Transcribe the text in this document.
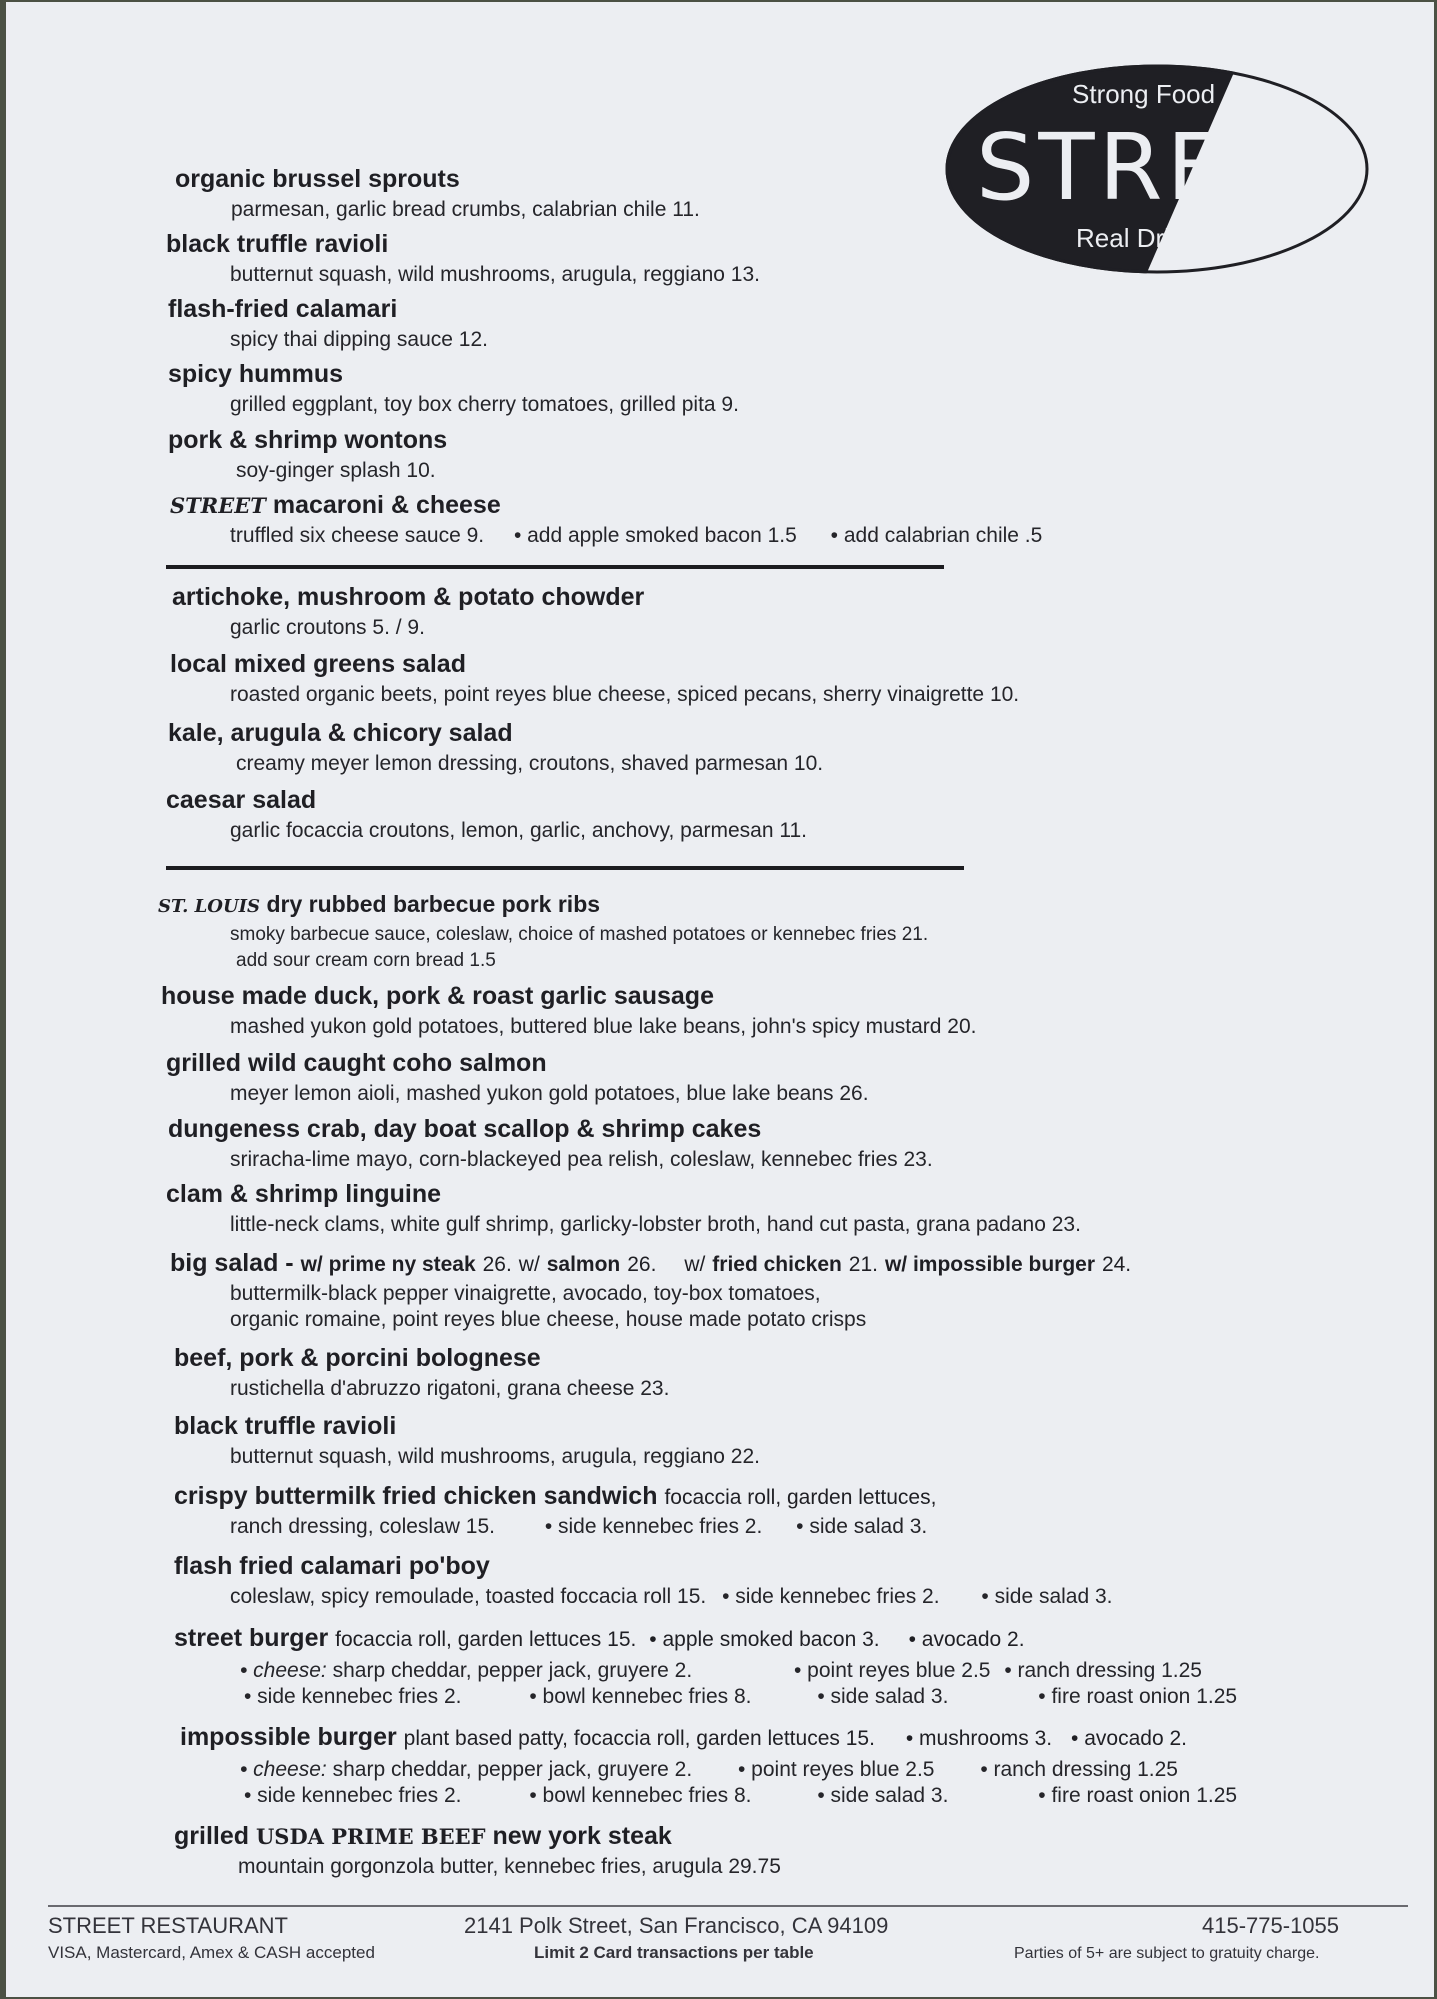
Strong Food
STREET
Real Drinks
organic brussel sprouts
parmesan, garlic bread crumbs, calabrian chile 11.
black truffle ravioli
butternut squash, wild mushrooms, arugula, reggiano 13.
flash-fried calamari
spicy thai dipping sauce 12.
spicy hummus
grilled eggplant, toy box cherry tomatoes, grilled pita 9.
pork & shrimp wontons
soy-ginger splash 10.
STREET macaroni & cheese
truffled six cheese sauce 9. • add apple smoked bacon 1.5 • add calabrian chile .5
artichoke, mushroom & potato chowder
garlic croutons 5. / 9.
local mixed greens salad
roasted organic beets, point reyes blue cheese, spiced pecans, sherry vinaigrette 10.
kale, arugula & chicory salad
creamy meyer lemon dressing, croutons, shaved parmesan 10.
caesar salad
garlic focaccia croutons, lemon, garlic, anchovy, parmesan 11.
ST. LOUIS dry rubbed barbecue pork ribs
smoky barbecue sauce, coleslaw, choice of mashed potatoes or kennebec fries 21.
add sour cream corn bread 1.5
house made duck, pork & roast garlic sausage
mashed yukon gold potatoes, buttered blue lake beans, john's spicy mustard 20.
grilled wild caught coho salmon
meyer lemon aioli, mashed yukon gold potatoes, blue lake beans 26.
dungeness crab, day boat scallop & shrimp cakes
sriracha-lime mayo, corn-blackeyed pea relish, coleslaw, kennebec fries 23.
clam & shrimp linguine
little-neck clams, white gulf shrimp, garlicky-lobster broth, hand cut pasta, grana padano 23.
big salad - w/ prime ny steak 26. w/ salmon 26. w/ fried chicken 21. w/ impossible burger 24.
buttermilk-black pepper vinaigrette, avocado, toy-box tomatoes,
organic romaine, point reyes blue cheese, house made potato crisps
beef, pork & porcini bolognese
rustichella d'abruzzo rigatoni, grana cheese 23.
black truffle ravioli
butternut squash, wild mushrooms, arugula, reggiano 22.
crispy buttermilk fried chicken sandwich focaccia roll, garden lettuces,
ranch dressing, coleslaw 15. • side kennebec fries 2. • side salad 3.
flash fried calamari po'boy
coleslaw, spicy remoulade, toasted foccacia roll 15. • side kennebec fries 2. • side salad 3.
street burger focaccia roll, garden lettuces 15. • apple smoked bacon 3. • avocado 2.
• cheese: sharp cheddar, pepper jack, gruyere 2.	• point reyes blue 2.5 • ranch dressing 1.25
• side kennebec fries 2.	• bowl kennebec fries 8.	• side salad 3.	• fire roast onion 1.25
impossible burger plant based patty, focaccia roll, garden lettuces 15. • mushrooms 3. • avocado 2.
• cheese: sharp cheddar, pepper jack, gruyere 2. • point reyes blue 2.5 • ranch dressing 1.25
• side kennebec fries 2.	• bowl kennebec fries 8.	• side salad 3.	• fire roast onion 1.25
grilled USDA PRIME BEEF new york steak
mountain gorgonzola butter, kennebec fries, arugula 29.75
STREET RESTAURANT
VISA, Mastercard, Amex & CASH accepted
2141 Polk Street, San Francisco, CA 94109
Limit 2 Card transactions per table
415-775-1055
Parties of 5+ are subject to gratuity charge.
